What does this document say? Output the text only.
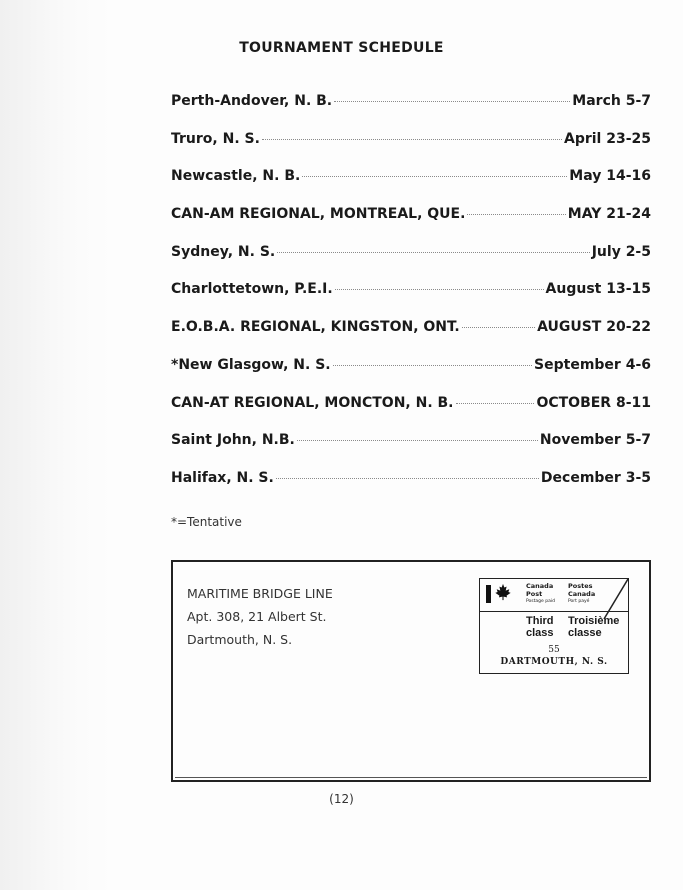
TOURNAMENT SCHEDULE
Perth-Andover, N. B.	March 5-7
Truro, N. S.	April 23-25
Newcastle, N. B.	May 14-16
CAN-AM REGIONAL, MONTREAL, QUE.	MAY 21-24
Sydney, N. S.	July 2-5
Charlottetown, P.E.I.	August 13-15
E.O.B.A. REGIONAL, KINGSTON, ONT.	AUGUST 20-22
*New Glasgow, N. S.	September 4-6
CAN-AT REGIONAL, MONCTON, N. B.	OCTOBER 8-11
Saint John, N.B.	November 5-7
Halifax, N. S.	December 3-5
*=Tentative
MARITIME BRIDGE LINE
Apt. 308, 21 Albert St.
Dartmouth, N. S.
Canada
Post
Postage paid
Postes
Canada
Port payé
Third
class
Troisième
classe
55
DARTMOUTH, N. S.
(12)
